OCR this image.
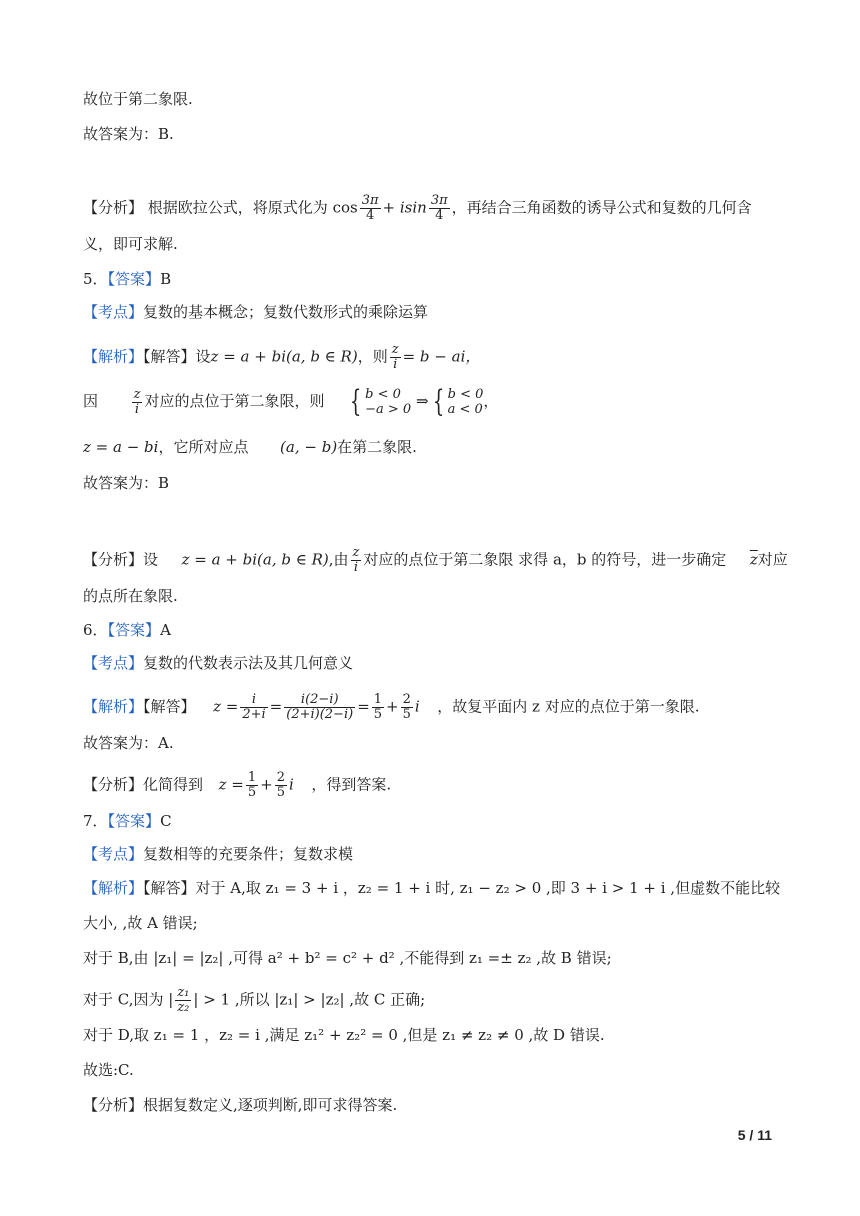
故位于第二象限.
故答案为：B.
【分析】 根据欧拉公式，将原式化为 $\cos \frac{3\pi}{4} + isin \frac{3\pi}{4}$ ，再结合三角函数的诱导公式和复数的几何含
义，即可求解.
5．【答案】B
【考点】复数的基本概念；复数代数形式的乘除运算
【解析】【解答】设z = a + bi(a, b ∈ R)，则 $\frac{z}{i} = b$ − ai，
因	$\frac{z}{i}$ 对应的点位于第二象限，则 { b < 0
−a > 0 ⇒ { b < 0
a < 0 ，
z = a − bi，它所对应点 (a, − b)在第二象限.
故答案为：B
【分析】设 z = a + bi(a, b ∈ R),由 $\frac{z}{i}$ 对应的点位于第二象限 求得 a，b 的符号，进一步确定 $\overline{z}$对应
的点所在象限.
6．【答案】A
【考点】复数的代数表示法及其几何意义
【解析】【解答】 $z = \frac{i}{2+i} = \frac{i(2-i)}{(2+i)(2-i)} = \frac{1}{5} + \frac{2}{5}$ i ，故复平面内 z 对应的点位于第一象限.
故答案为：A.
【分析】化简得到 $z = \frac{1}{5} + \frac{2}{5}$ i ，得到答案.
7．【答案】C
【考点】复数相等的充要条件；复数求模
【解析】【解答】对于 A,取 z₁ = 3 + i ，z₂ = 1 + i 时, z₁ − z₂ > 0 ,即 3 + i > 1 + i ,但虚数不能比较
大小, ,故 A 错误;
对于 B,由 |z₁| = |z₂| ,可得 a² + b² = c² + d² ,不能得到 z₁ =± z₂ ,故 B 错误;
对于 C,因为 | $\frac{\text{z₁}}{\text{z₂}}$ | > 1 ,所以 |z₁| > |z₂| ,故 C 正确;
对于 D,取 z₁ = 1 ，z₂ = i ,满足 z₁² + z₂² = 0 ,但是 z₁ ≠ z₂ ≠ 0 ,故 D 错误.
故选:C.
【分析】根据复数定义,逐项判断,即可求得答案.
5 / 11
